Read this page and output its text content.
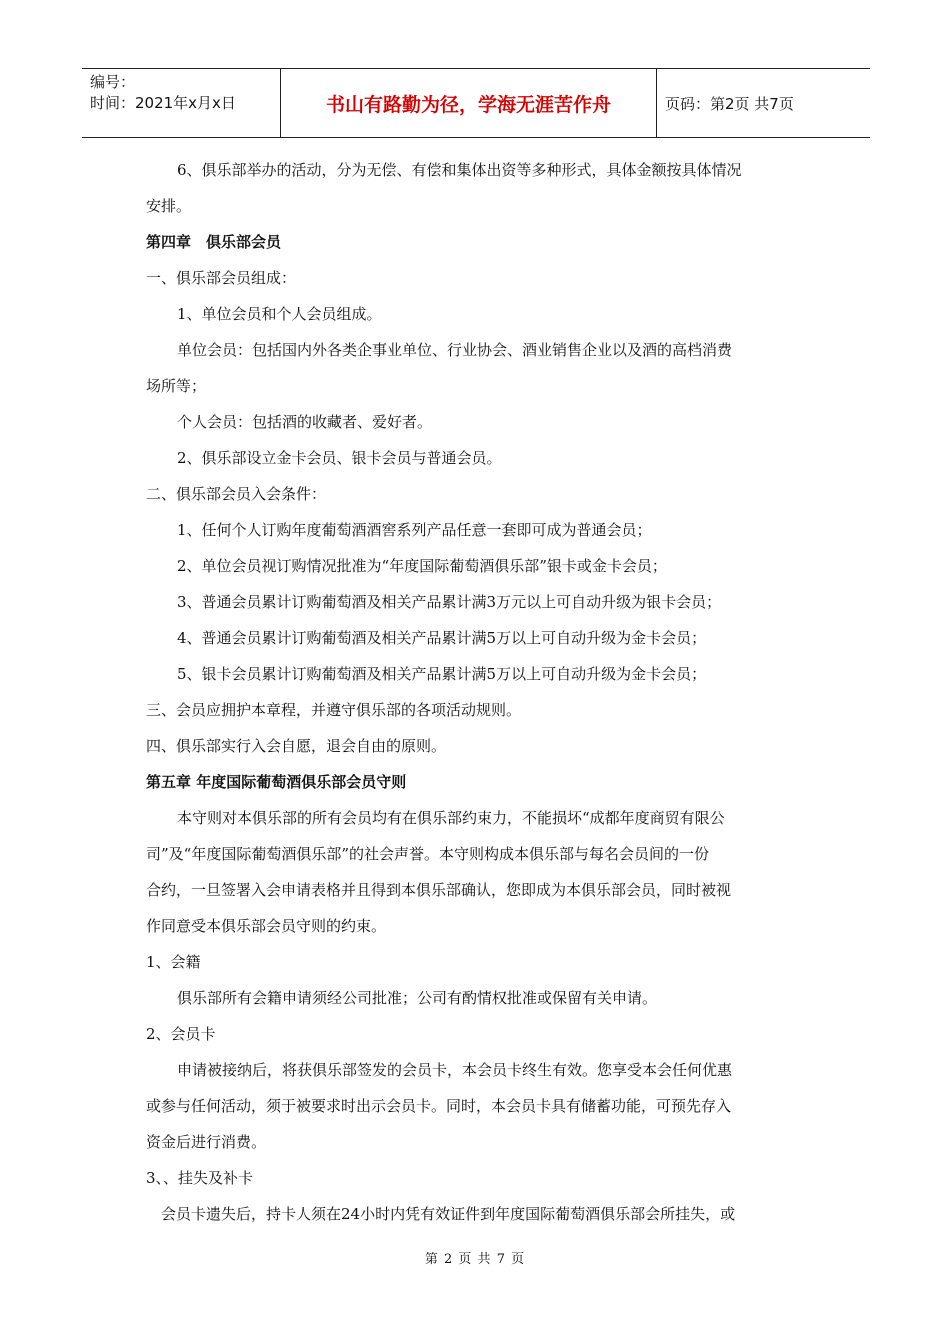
编号：
时间：2021年x月x日	书山有路勤为径，学海无涯苦作舟	页码：第2页 共7页

6、俱乐部举办的活动，分为无偿、有偿和集体出资等多种形式，具体金额按具体情况

安排。

第四章　俱乐部会员

一、俱乐部会员组成：

1、单位会员和个人会员组成。

单位会员：包括国内外各类企事业单位、行业协会、酒业销售企业以及酒的高档消费

场所等；

个人会员：包括酒的收藏者、爱好者。

2、俱乐部设立金卡会员、银卡会员与普通会员。

二、俱乐部会员入会条件：

1、任何个人订购年度葡萄酒酒窖系列产品任意一套即可成为普通会员；

2、单位会员视订购情况批准为“年度国际葡萄酒俱乐部”银卡或金卡会员；

3、普通会员累计订购葡萄酒及相关产品累计满3万元以上可自动升级为银卡会员；

4、普通会员累计订购葡萄酒及相关产品累计满5万以上可自动升级为金卡会员；

5、银卡会员累计订购葡萄酒及相关产品累计满5万以上可自动升级为金卡会员；

三、会员应拥护本章程，并遵守俱乐部的各项活动规则。

四、俱乐部实行入会自愿，退会自由的原则。

第五章 年度国际葡萄酒俱乐部会员守则

本守则对本俱乐部的所有会员均有在俱乐部约束力，不能损坏“成都年度商贸有限公

司”及“年度国际葡萄酒俱乐部”的社会声誉。本守则构成本俱乐部与每名会员间的一份

合约，一旦签署入会申请表格并且得到本俱乐部确认，您即成为本俱乐部会员，同时被视

作同意受本俱乐部会员守则的约束。

1、会籍

俱乐部所有会籍申请须经公司批准；公司有酌情权批准或保留有关申请。

2、会员卡

申请被接纳后，将获俱乐部签发的会员卡，本会员卡终生有效。您享受本会任何优惠

或参与任何活动，须于被要求时出示会员卡。同时，本会员卡具有储蓄功能，可预先存入

资金后进行消费。

3、、挂失及补卡

会员卡遗失后，持卡人须在24小时内凭有效证件到年度国际葡萄酒俱乐部会所挂失，或

第 2 页 共 7 页
